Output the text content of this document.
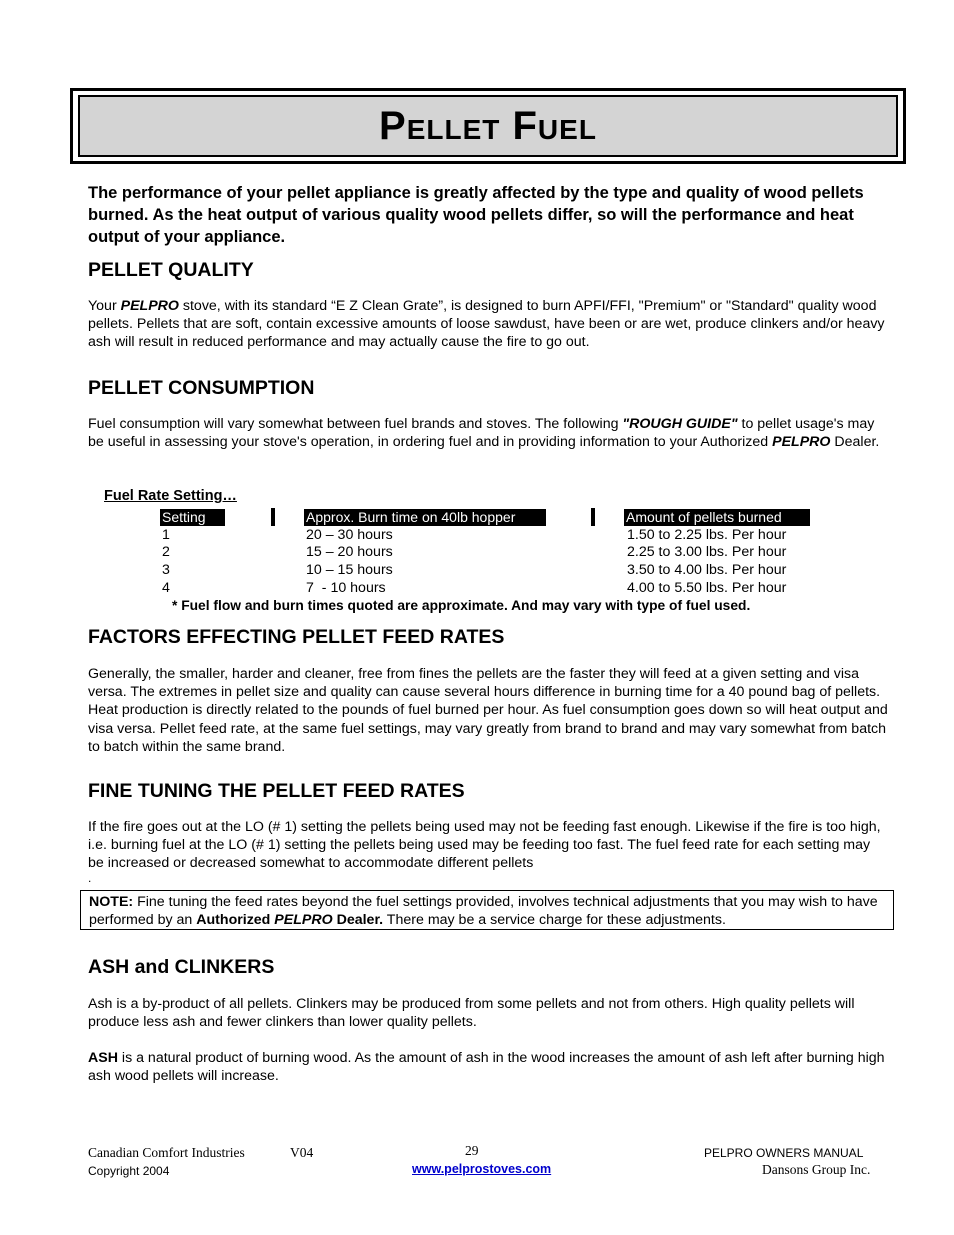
Pellet Fuel
The performance of your pellet appliance is greatly affected by the type and quality of wood pellets burned. As the heat output of various quality wood pellets differ, so will the performance and heat output of your appliance.
PELLET QUALITY
Your PELPRO stove, with its standard “E Z Clean Grate”, is designed to burn APFI/FFI, "Premium" or "Standard" quality wood pellets. Pellets that are soft, contain excessive amounts of loose sawdust, have been or are wet, produce clinkers and/or heavy ash will result in reduced performance and may actually cause the fire to go out.
PELLET CONSUMPTION
Fuel consumption will vary somewhat between fuel brands and stoves. The following "ROUGH GUIDE" to pellet usage's may be useful in assessing your stove's operation, in ordering fuel and in providing information to your Authorized PELPRO Dealer.
Fuel Rate Setting…
Setting	Approx. Burn time on 40lb hopper	Amount of pellets burned
1	20 – 30 hours	1.50 to 2.25 lbs. Per hour
2	15 – 20 hours	2.25 to 3.00 lbs. Per hour
3	10 – 15 hours	3.50 to 4.00 lbs. Per hour
4	7  - 10 hours	4.00 to 5.50 lbs. Per hour
* Fuel flow and burn times quoted are approximate. And may vary with type of fuel used.
FACTORS EFFECTING PELLET FEED RATES
Generally, the smaller, harder and cleaner, free from fines the pellets are the faster they will feed at a given setting and visa versa. The extremes in pellet size and quality can cause several hours difference in burning time for a 40 pound bag of pellets. Heat production is directly related to the pounds of fuel burned per hour. As fuel consumption goes down so will heat output and visa versa. Pellet feed rate, at the same fuel settings, may vary greatly from brand to brand and may vary somewhat from batch to batch within the same brand.
FINE TUNING THE PELLET FEED RATES
If the fire goes out at the LO (# 1) setting the pellets being used may not be feeding fast enough. Likewise if the fire is too high, i.e. burning fuel at the LO (# 1) setting the pellets being used may be feeding too fast. The fuel feed rate for each setting may be increased or decreased somewhat to accommodate different pellets
.
NOTE: Fine tuning the feed rates beyond the fuel settings provided, involves technical adjustments that you may wish to have performed by an Authorized PELPRO Dealer. There may be a service charge for these adjustments.
ASH and CLINKERS
Ash is a by-product of all pellets. Clinkers may be produced from some pellets and not from others. High quality pellets will produce less ash and fewer clinkers than lower quality pellets.
ASH is a natural product of burning wood. As the amount of ash in the wood increases the amount of ash left after burning high ash wood pellets will increase.
Canadian Comfort Industries	V04	29	PELPRO OWNERS MANUAL
Copyright 2004	www.pelprostoves.com	Dansons Group Inc.
